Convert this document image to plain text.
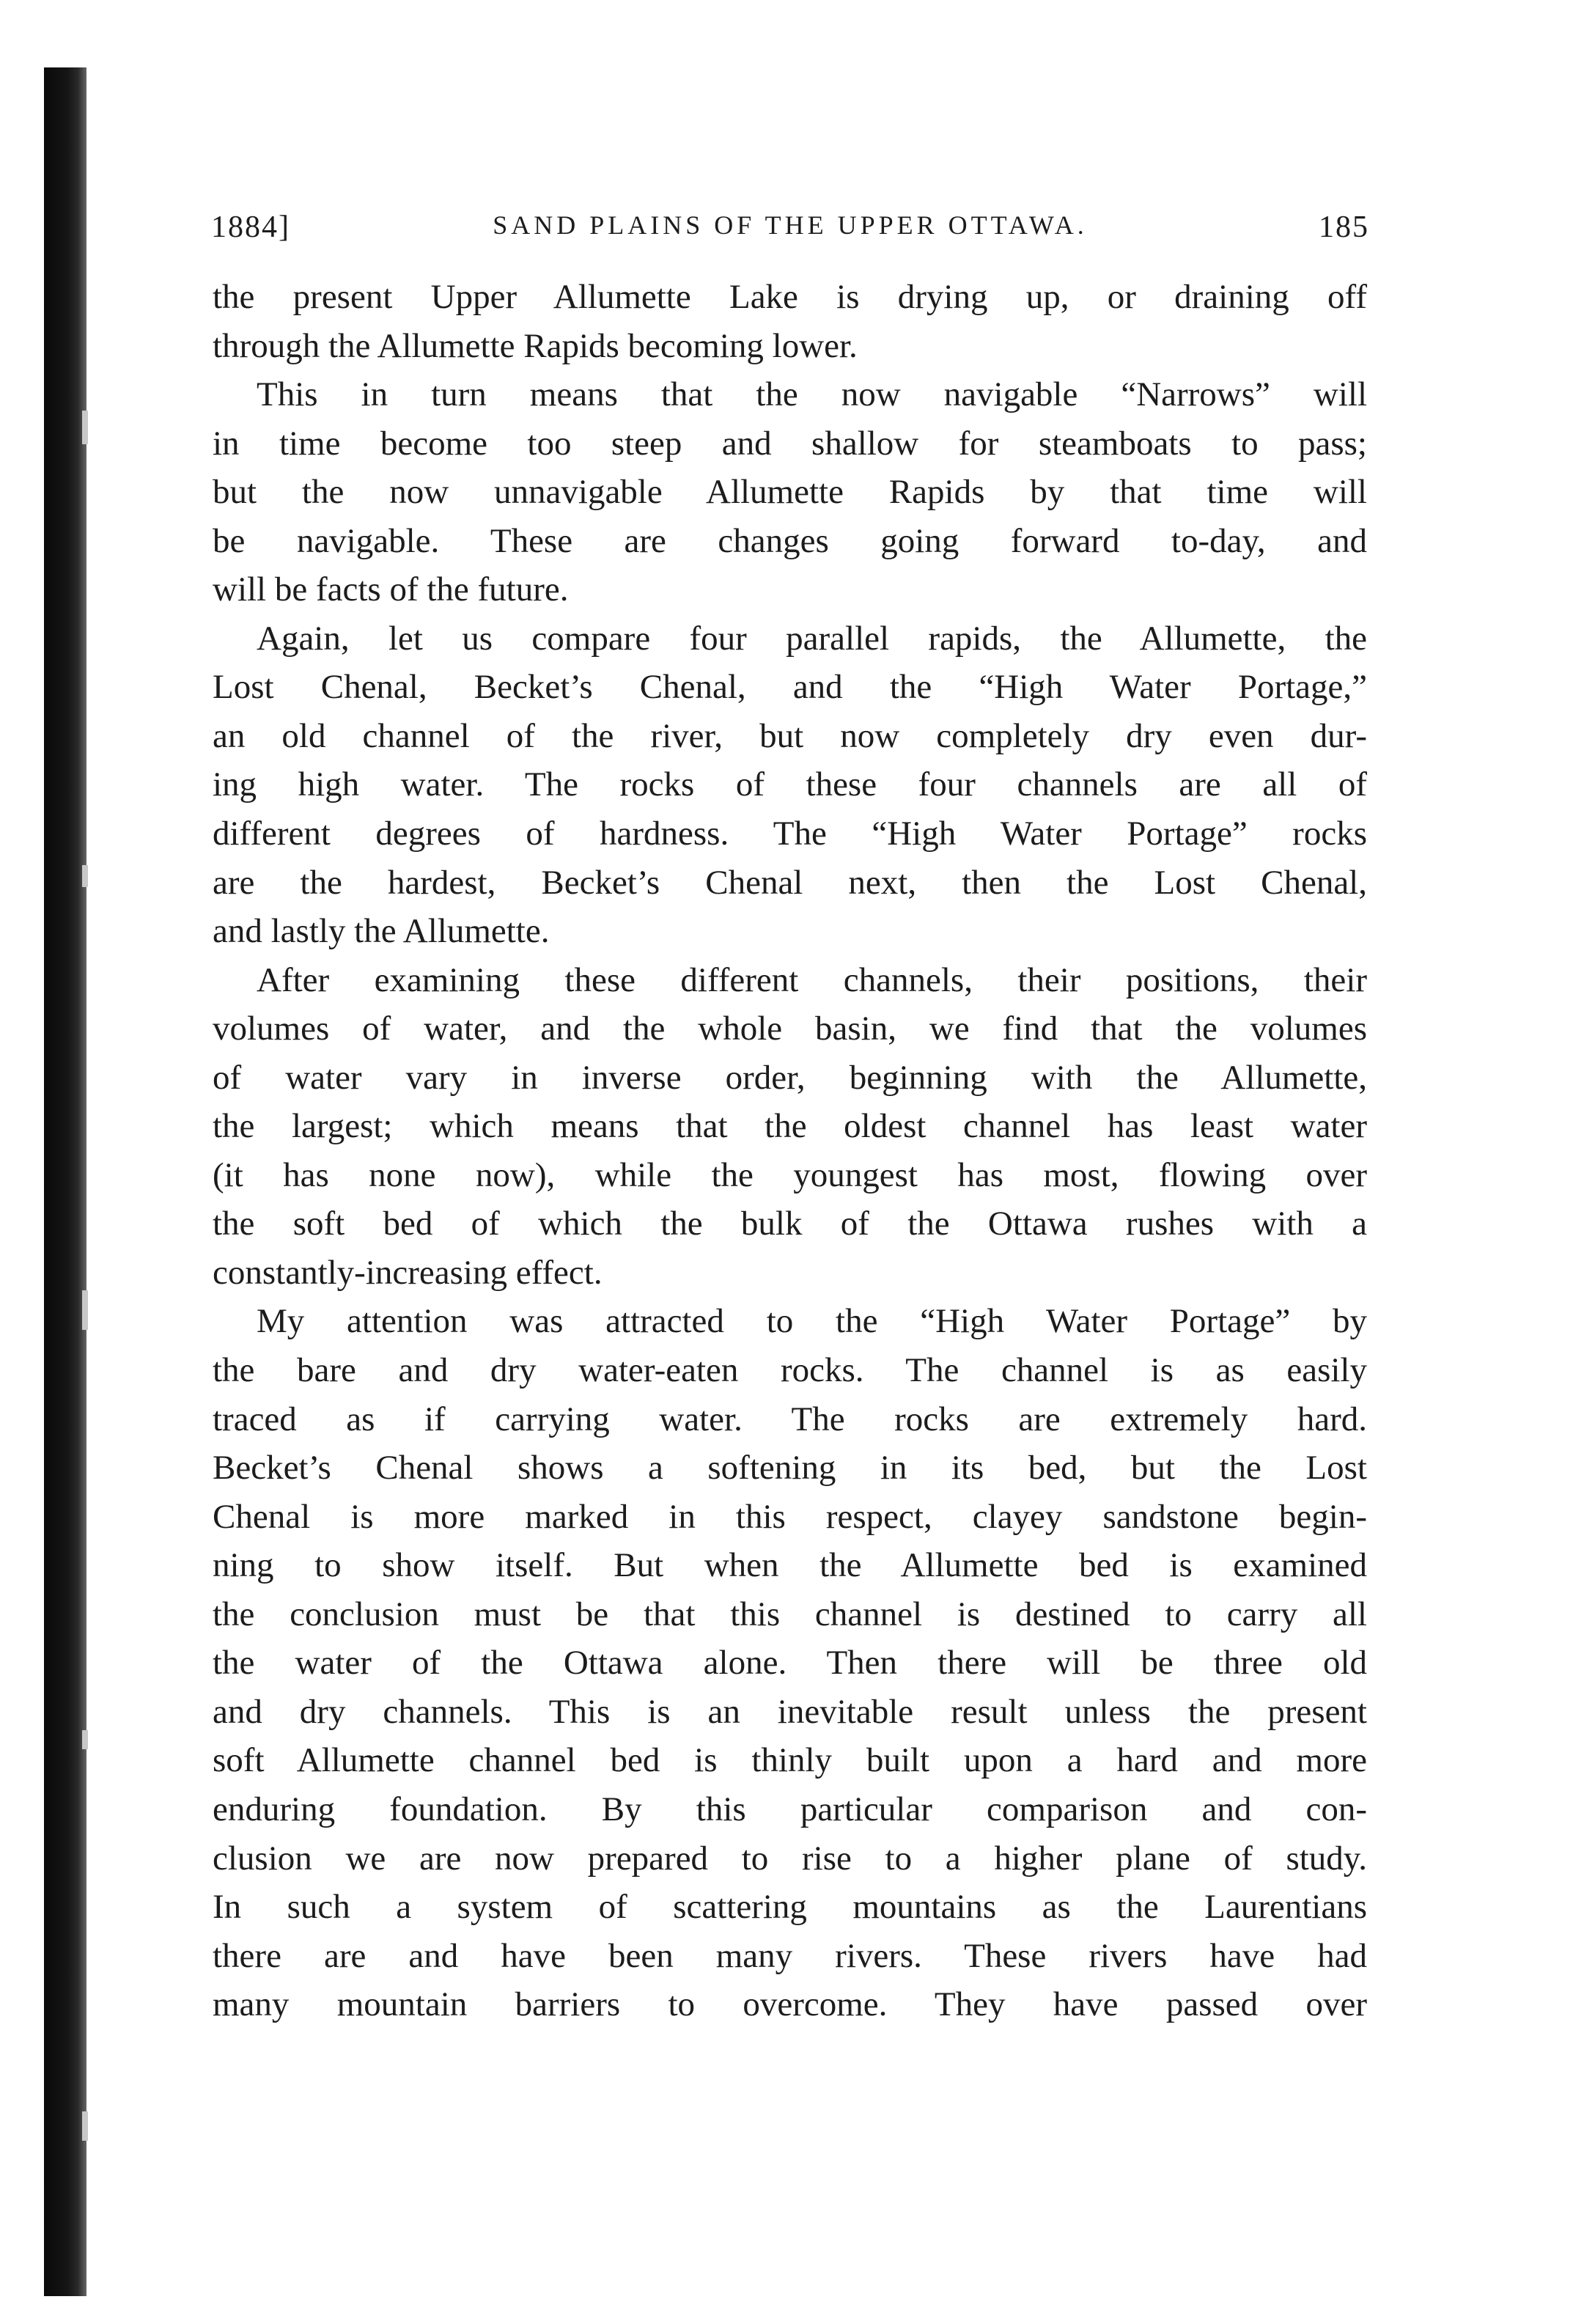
1884]	SAND PLAINS OF THE UPPER OTTAWA.	185
the present Upper Allumette Lake is drying up, or draining off
through the Allumette Rapids becoming lower.
This in turn means that the now navigable “Narrows” will
in time become too steep and shallow for steamboats to pass;
but the now unnavigable Allumette Rapids by that time will
be navigable. These are changes going forward to-day, and
will be facts of the future.
Again, let us compare four parallel rapids, the Allumette, the
Lost Chenal, Becket’s Chenal, and the “High Water Portage,”
an old channel of the river, but now completely dry even dur-
ing high water. The rocks of these four channels are all of
different degrees of hardness. The “High Water Portage” rocks
are the hardest, Becket’s Chenal next, then the Lost Chenal,
and lastly the Allumette.
After examining these different channels, their positions, their
volumes of water, and the whole basin, we find that the volumes
of water vary in inverse order, beginning with the Allumette,
the largest; which means that the oldest channel has least water
(it has none now), while the youngest has most, flowing over
the soft bed of which the bulk of the Ottawa rushes with a
constantly-increasing effect.
My attention was attracted to the “High Water Portage” by
the bare and dry water-eaten rocks. The channel is as easily
traced as if carrying water. The rocks are extremely hard.
Becket’s Chenal shows a softening in its bed, but the Lost
Chenal is more marked in this respect, clayey sandstone begin-
ning to show itself. But when the Allumette bed is examined
the conclusion must be that this channel is destined to carry all
the water of the Ottawa alone. Then there will be three old
and dry channels. This is an inevitable result unless the present
soft Allumette channel bed is thinly built upon a hard and more
enduring foundation. By this particular comparison and con-
clusion we are now prepared to rise to a higher plane of study.
In such a system of scattering mountains as the Laurentians
there are and have been many rivers. These rivers have had
many mountain barriers to overcome. They have passed over
